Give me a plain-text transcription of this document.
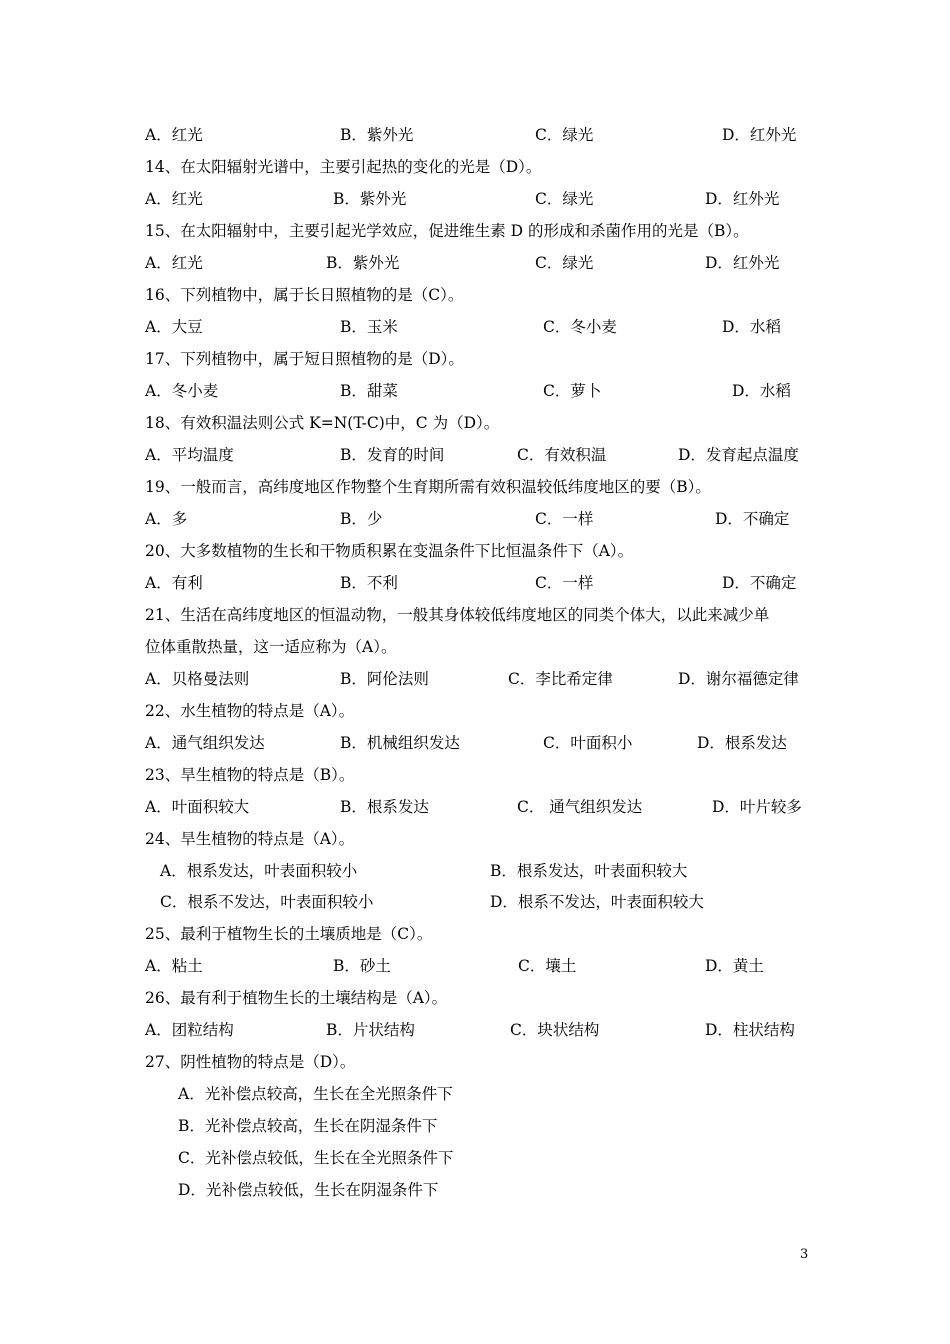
3
A．红光	B．紫外光	C．绿光	D．红外光
14、在太阳辐射光谱中，主要引起热的变化的光是（D）。
A．红光	B．紫外光	C．绿光	D．红外光
15、在太阳辐射中，主要引起光学效应，促进维生素 D 的形成和杀菌作用的光是（B）。
A．红光	B．紫外光	C．绿光	D．红外光
16、下列植物中，属于长日照植物的是（C）。
A．大豆	B．玉米	C．冬小麦	D．水稻
17、下列植物中，属于短日照植物的是（D）。
A．冬小麦	B．甜菜	C．萝卜	D．水稻
18、有效积温法则公式 K=N(T-C)中，C 为（D）。
A．平均温度	B．发育的时间	C．有效积温	D．发育起点温度
19、一般而言，高纬度地区作物整个生育期所需有效积温较低纬度地区的要（B）。
A．多	B．少	C．一样	D．不确定
20、大多数植物的生长和干物质积累在变温条件下比恒温条件下（A）。
A．有利	B．不利	C．一样	D．不确定
21、生活在高纬度地区的恒温动物，一般其身体较低纬度地区的同类个体大，以此来减少单
位体重散热量，这一适应称为（A）。
A．贝格曼法则	B．阿伦法则	C．李比希定律	D．谢尔福德定律
22、水生植物的特点是（A）。
A．通气组织发达	B．机械组织发达	C．叶面积小	D．根系发达
23、旱生植物的特点是（B）。
A．叶面积较大	B．根系发达	C． 通气组织发达	D．叶片较多
24、旱生植物的特点是（A）。
A．根系发达，叶表面积较小	B．根系发达，叶表面积较大
C．根系不发达，叶表面积较小	D．根系不发达，叶表面积较大
25、最利于植物生长的土壤质地是（C）。
A．粘土	B．砂土	C．壤土	D．黄土
26、最有利于植物生长的土壤结构是（A）。
A．团粒结构	B．片状结构	C．块状结构	D．柱状结构
27、阴性植物的特点是（D）。
A．光补偿点较高，生长在全光照条件下
B．光补偿点较高，生长在阴湿条件下
C．光补偿点较低，生长在全光照条件下
D．光补偿点较低，生长在阴湿条件下
